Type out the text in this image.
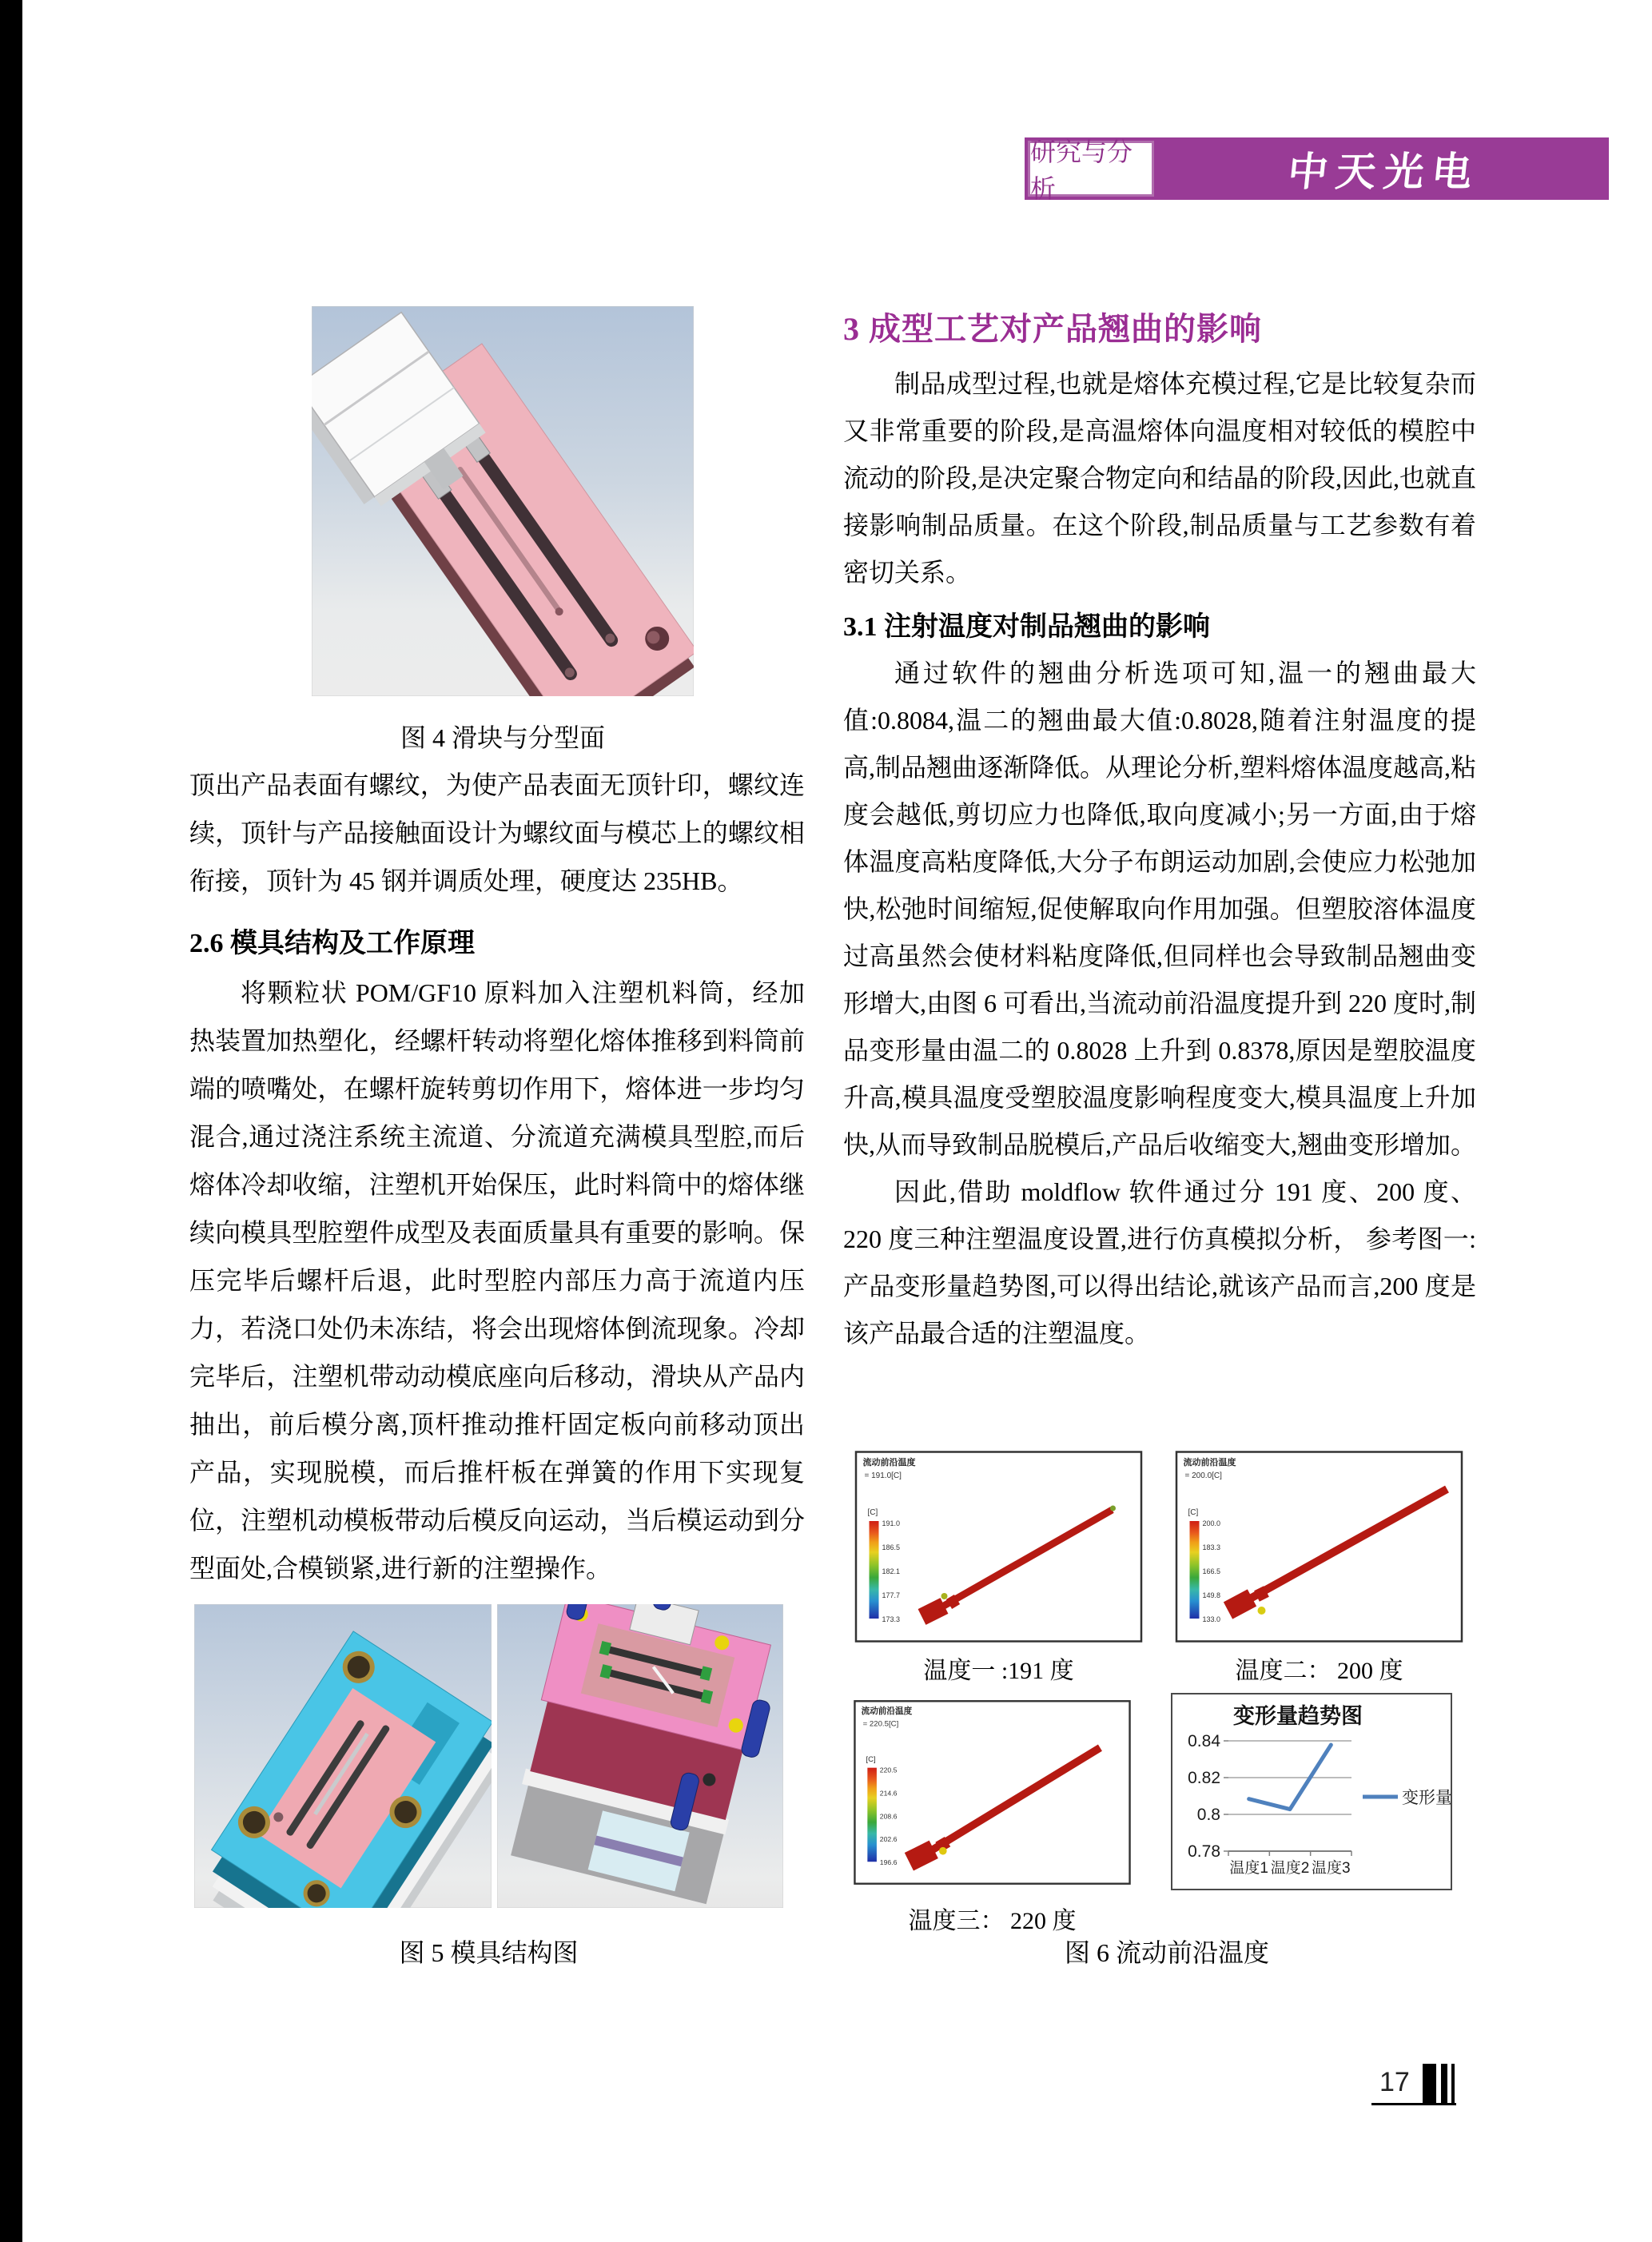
研究与分析	中天光电
图 4 滑块与分型面
顶出产品表面有螺纹，为使产品表面无顶针印，螺纹连续，顶针与产品接触面设计为螺纹面与模芯上的螺纹相衔接，顶针为 45 钢并调质处理，硬度达 235HB。
2.6 模具结构及工作原理
将颗粒状 POM/GF10 原料加入注塑机料筒，经加热装置加热塑化，经螺杆转动将塑化熔体推移到料筒前端的喷嘴处，在螺杆旋转剪切作用下，熔体进一步均匀混合,通过浇注系统主流道、分流道充满模具型腔,而后熔体冷却收缩，注塑机开始保压，此时料筒中的熔体继续向模具型腔塑件成型及表面质量具有重要的影响。保压完毕后螺杆后退，此时型腔内部压力高于流道内压力，若浇口处仍未冻结，将会出现熔体倒流现象。冷却完毕后，注塑机带动动模底座向后移动，滑块从产品内抽出，前后模分离,顶杆推动推杆固定板向前移动顶出产品，实现脱模，而后推杆板在弹簧的作用下实现复位，注塑机动模板带动后模反向运动，当后模运动到分型面处,合模锁紧,进行新的注塑操作。
图 5 模具结构图
3 成型工艺对产品翘曲的影响
制品成型过程,也就是熔体充模过程,它是比较复杂而又非常重要的阶段,是高温熔体向温度相对较低的模腔中流动的阶段,是决定聚合物定向和结晶的阶段,因此,也就直接影响制品质量。在这个阶段,制品质量与工艺参数有着密切关系。
3.1 注射温度对制品翘曲的影响
通过软件的翘曲分析选项可知,温一的翘曲最大值:0.8084,温二的翘曲最大值:0.8028,随着注射温度的提高,制品翘曲逐渐降低。从理论分析,塑料熔体温度越高,粘度会越低,剪切应力也降低,取向度减小;另一方面,由于熔体温度高粘度降低,大分子布朗运动加剧,会使应力松弛加快,松弛时间缩短,促使解取向作用加强。但塑胶溶体温度过高虽然会使材料粘度降低,但同样也会导致制品翘曲变形增大,由图 6 可看出,当流动前沿温度提升到 220 度时,制品变形量由温二的 0.8028 上升到 0.8378,原因是塑胶温度升高,模具温度受塑胶温度影响程度变大,模具温度上升加快,从而导致制品脱模后,产品后收缩变大,翘曲变形增加。
因此,借助 moldflow 软件通过分 191 度、200 度、220 度三种注塑温度设置,进行仿真模拟分析， 参考图一:产品变形量趋势图,可以得出结论,就该产品而言,200 度是该产品最合适的注塑温度。
流动前沿温度
= 191.0[C]
[C]
191.0
186.5
182.1
177.7
173.3
流动前沿温度
= 200.0[C]
[C]
200.0
183.3
166.5
149.8
133.0
温度一 :191 度	温度二： 200 度
流动前沿温度
= 220.5[C]
[C]
220.5
214.6
208.6
202.6
196.6
0.78
0.8
0.82
0.84
温度1 温度2 温度3
变形量
变形量趋势图
温度三： 220 度
图 6 流动前沿温度
17
